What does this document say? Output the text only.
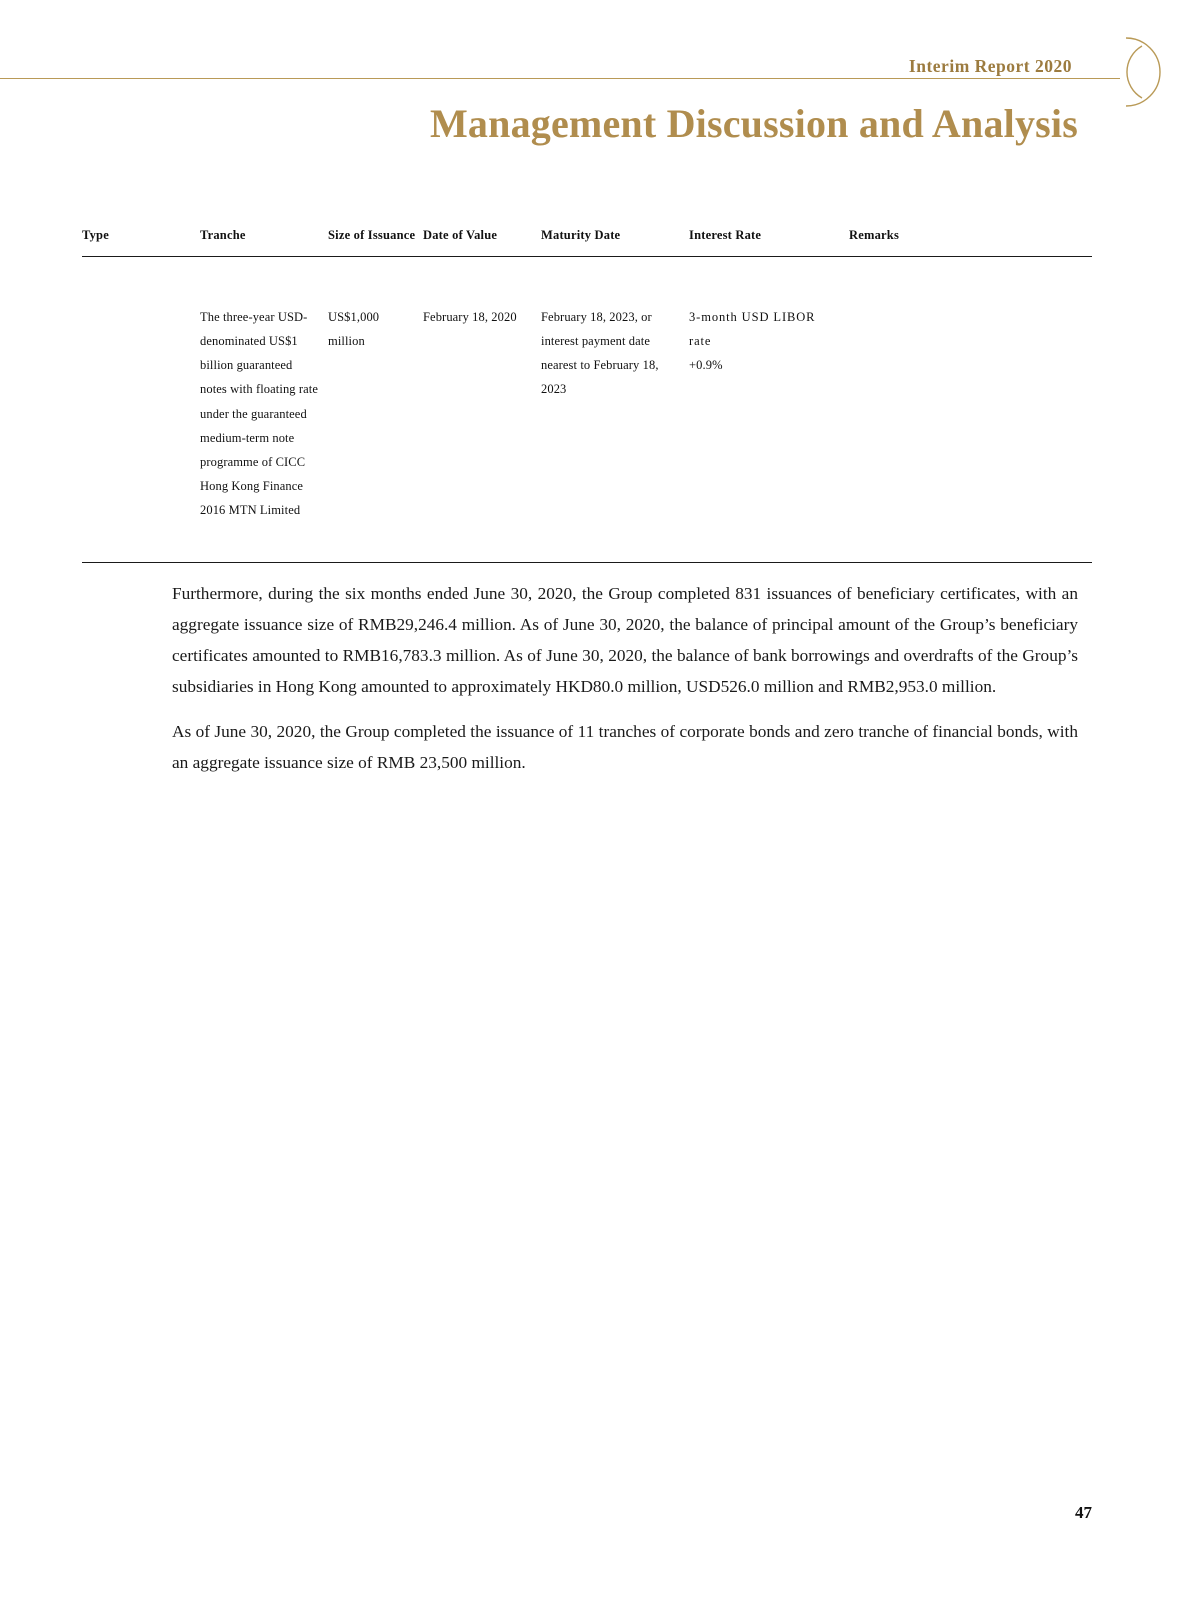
Interim Report 2020
Management Discussion and Analysis
Type	Tranche	Size of Issuance	Date of Value	Maturity Date	Interest Rate	Remarks

	The three-year USD-denominated US$1 billion guaranteed notes with floating rate under the guaranteed medium-term note programme of CICC Hong Kong Finance 2016 MTN Limited	US$1,000 million	February 18, 2020	February 18, 2023, or interest payment date nearest to February 18, 2023	3-month USD LIBOR rate
+0.9%	

Furthermore, during the six months ended June 30, 2020, the Group completed 831 issuances of beneficiary certificates, with an aggregate issuance size of RMB29,246.4 million. As of June 30, 2020, the balance of principal amount of the Group’s beneficiary certificates amounted to RMB16,783.3 million. As of June 30, 2020, the balance of bank borrowings and overdrafts of the Group’s subsidiaries in Hong Kong amounted to approximately HKD80.0 million, USD526.0 million and RMB2,953.0 million.

As of June 30, 2020, the Group completed the issuance of 11 tranches of corporate bonds and zero tranche of financial bonds, with an aggregate issuance size of RMB 23,500 million.

47
